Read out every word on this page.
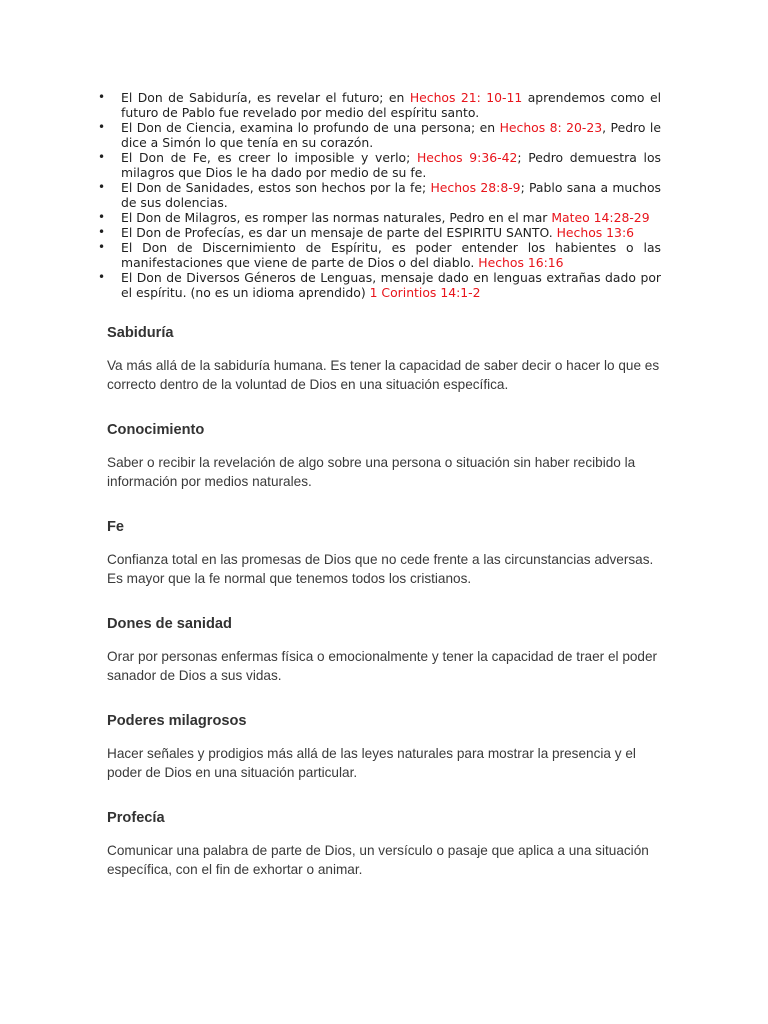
• El Don de Sabiduría, es revelar el futuro; en Hechos 21: 10-11 aprendemos como el futuro de Pablo fue revelado por medio del espíritu santo.
• El Don de Ciencia, examina lo profundo de una persona; en Hechos 8: 20-23, Pedro le dice a Simón lo que tenía en su corazón.
• El Don de Fe, es creer lo imposible y verlo; Hechos 9:36-42; Pedro demuestra los milagros que Dios le ha dado por medio de su fe.
• El Don de Sanidades, estos son hechos por la fe; Hechos 28:8-9; Pablo sana a muchos de sus dolencias.
• El Don de Milagros, es romper las normas naturales, Pedro en el mar Mateo 14:28-29
• El Don de Profecías, es dar un mensaje de parte del ESPIRITU SANTO. Hechos 13:6
• El Don de Discernimiento de Espíritu, es poder entender los habientes o las manifestaciones que viene de parte de Dios o del diablo. Hechos 16:16
• El Don de Diversos Géneros de Lenguas, mensaje dado en lenguas extrañas dado por el espíritu. (no es un idioma aprendido) 1 Corintios 14:1-2
Sabiduría

Va más allá de la sabiduría humana. Es tener la capacidad de saber decir o hacer lo que es correcto dentro de la voluntad de Dios en una situación específica.

Conocimiento

Saber o recibir la revelación de algo sobre una persona o situación sin haber recibido la información por medios naturales.

Fe

Confianza total en las promesas de Dios que no cede frente a las circunstancias adversas. Es mayor que la fe normal que tenemos todos los cristianos.

Dones de sanidad

Orar por personas enfermas física o emocionalmente y tener la capacidad de traer el poder sanador de Dios a sus vidas.

Poderes milagrosos

Hacer señales y prodigios más allá de las leyes naturales para mostrar la presencia y el poder de Dios en una situación particular.

Profecía

Comunicar una palabra de parte de Dios, un versículo o pasaje que aplica a una situación específica, con el fin de exhortar o animar.
